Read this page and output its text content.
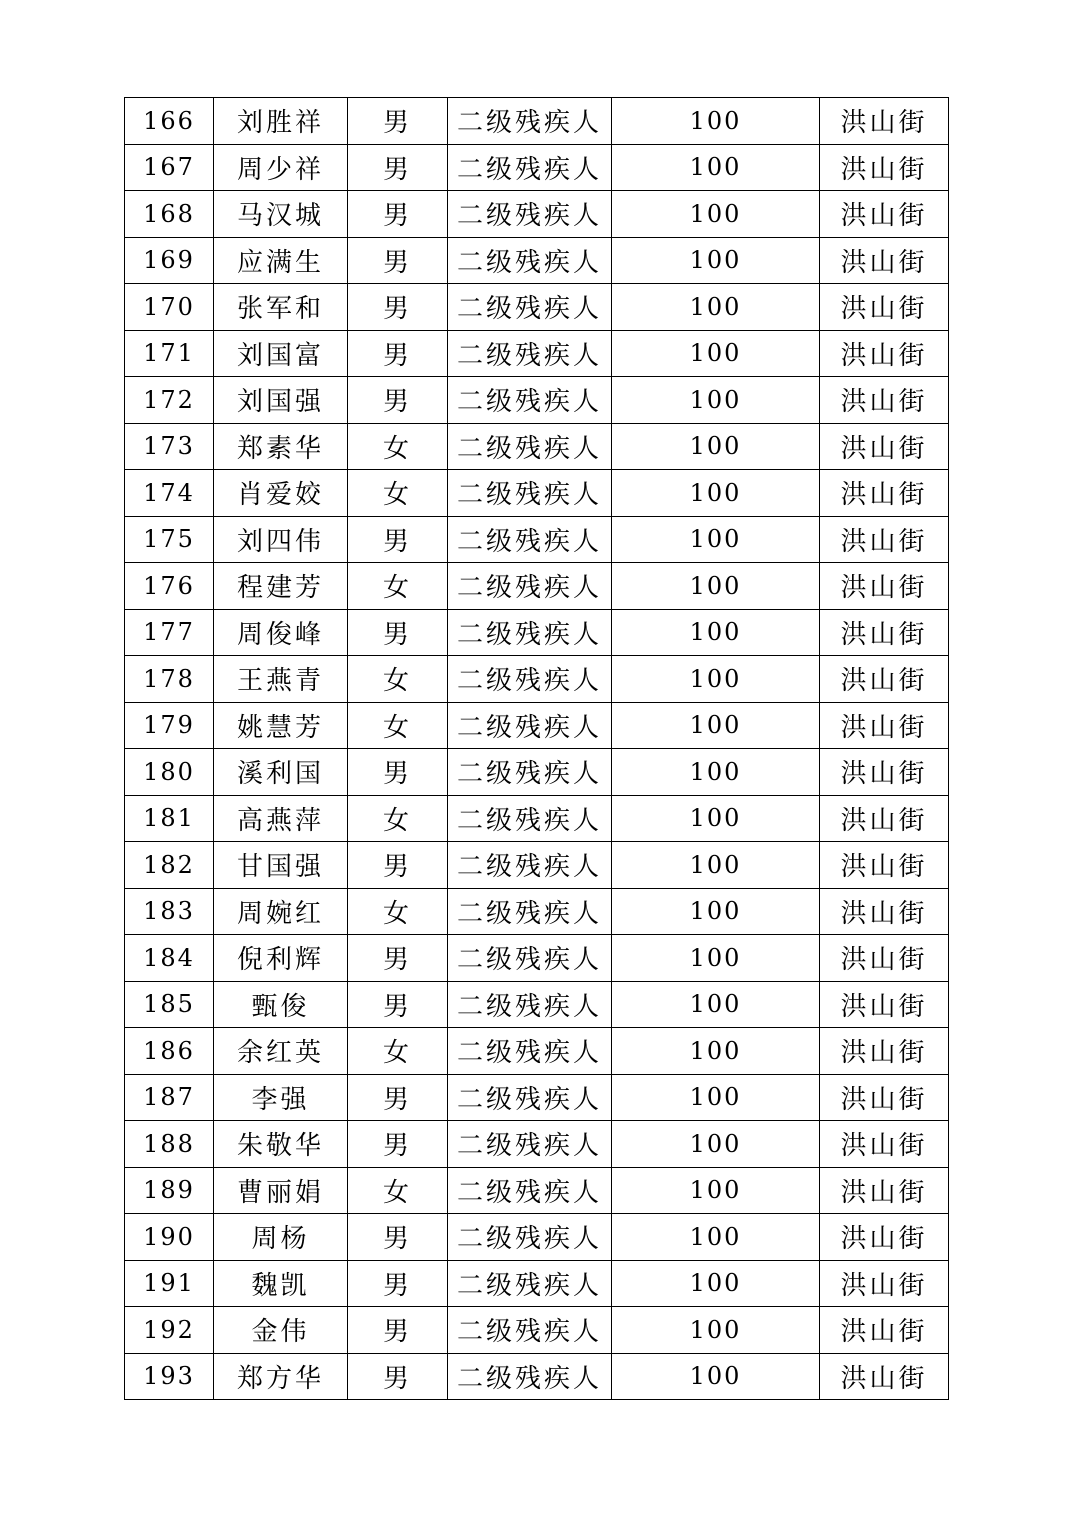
166	刘胜祥	男	二级残疾人	100	洪山街
167	周少祥	男	二级残疾人	100	洪山街
168	马汉城	男	二级残疾人	100	洪山街
169	应满生	男	二级残疾人	100	洪山街
170	张军和	男	二级残疾人	100	洪山街
171	刘国富	男	二级残疾人	100	洪山街
172	刘国强	男	二级残疾人	100	洪山街
173	郑素华	女	二级残疾人	100	洪山街
174	肖爱姣	女	二级残疾人	100	洪山街
175	刘四伟	男	二级残疾人	100	洪山街
176	程建芳	女	二级残疾人	100	洪山街
177	周俊峰	男	二级残疾人	100	洪山街
178	王燕青	女	二级残疾人	100	洪山街
179	姚慧芳	女	二级残疾人	100	洪山街
180	溪利国	男	二级残疾人	100	洪山街
181	高燕萍	女	二级残疾人	100	洪山街
182	甘国强	男	二级残疾人	100	洪山街
183	周婉红	女	二级残疾人	100	洪山街
184	倪利辉	男	二级残疾人	100	洪山街
185	甄俊	男	二级残疾人	100	洪山街
186	余红英	女	二级残疾人	100	洪山街
187	李强	男	二级残疾人	100	洪山街
188	朱敬华	男	二级残疾人	100	洪山街
189	曹丽娟	女	二级残疾人	100	洪山街
190	周杨	男	二级残疾人	100	洪山街
191	魏凯	男	二级残疾人	100	洪山街
192	金伟	男	二级残疾人	100	洪山街
193	郑方华	男	二级残疾人	100	洪山街
